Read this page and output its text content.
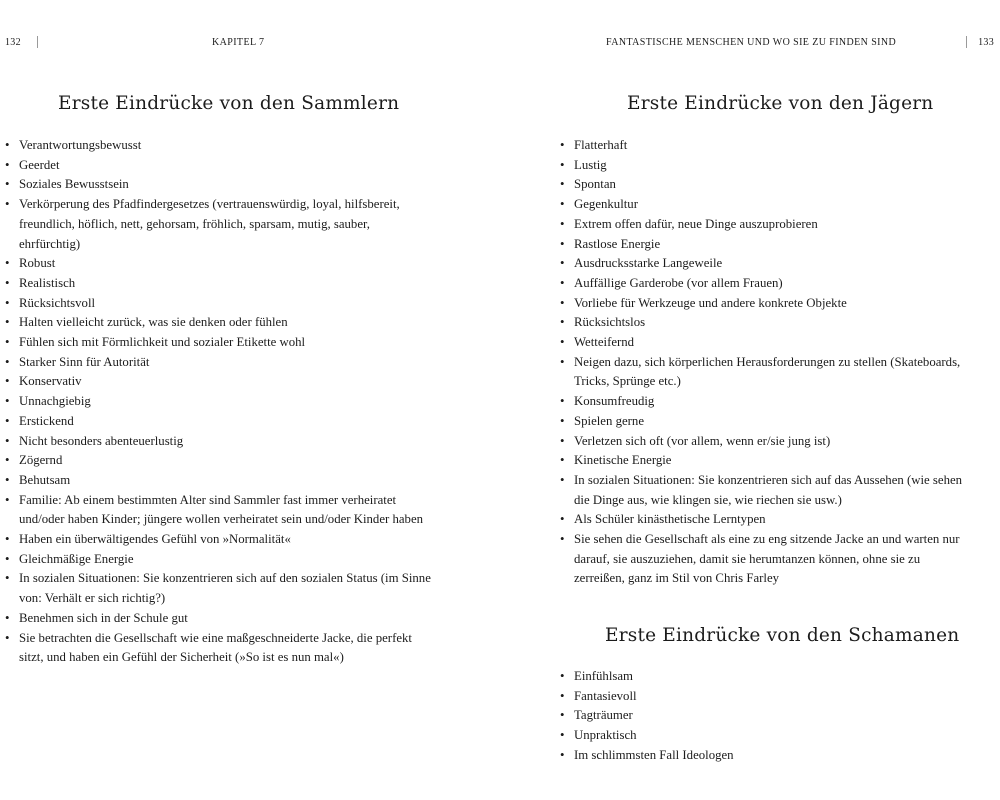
132	KAPITEL 7
Erste Eindrücke von den Sammlern
• Verantwortungsbewusst
• Geerdet
• Soziales Bewusstsein
• Verkörperung des Pfadfindergesetzes (vertrauenswürdig, loyal, hilfsbereit, freundlich, höflich, nett, gehorsam, fröhlich, sparsam, mutig, sauber, ehrfürchtig)
• Robust
• Realistisch
• Rücksichtsvoll
• Halten vielleicht zurück, was sie denken oder fühlen
• Fühlen sich mit Förmlichkeit und sozialer Etikette wohl
• Starker Sinn für Autorität
• Konservativ
• Unnachgiebig
• Erstickend
• Nicht besonders abenteuerlustig
• Zögernd
• Behutsam
• Familie: Ab einem bestimmten Alter sind Sammler fast immer verheiratet und/oder haben Kinder; jüngere wollen verheiratet sein und/oder Kinder haben
• Haben ein überwältigendes Gefühl von »Normalität«
• Gleichmäßige Energie
• In sozialen Situationen: Sie konzentrieren sich auf den sozialen Status (im Sinne von: Verhält er sich richtig?)
• Benehmen sich in der Schule gut
• Sie betrachten die Gesellschaft wie eine maßgeschneiderte Jacke, die perfekt sitzt, und haben ein Gefühl der Sicherheit (»So ist es nun mal«)
FANTASTISCHE MENSCHEN UND WO SIE ZU FINDEN SIND	133
Erste Eindrücke von den Jägern
• Flatterhaft
• Lustig
• Spontan
• Gegenkultur
• Extrem offen dafür, neue Dinge auszuprobieren
• Rastlose Energie
• Ausdrucksstarke Langeweile
• Auffällige Garderobe (vor allem Frauen)
• Vorliebe für Werkzeuge und andere konkrete Objekte
• Rücksichtslos
• Wetteifernd
• Neigen dazu, sich körperlichen Herausforderungen zu stellen (Skateboards, Tricks, Sprünge etc.)
• Konsumfreudig
• Spielen gerne
• Verletzen sich oft (vor allem, wenn er/sie jung ist)
• Kinetische Energie
• In sozialen Situationen: Sie konzentrieren sich auf das Aussehen (wie sehen die Dinge aus, wie klingen sie, wie riechen sie usw.)
• Als Schüler kinästhetische Lerntypen
• Sie sehen die Gesellschaft als eine zu eng sitzende Jacke an und warten nur darauf, sie auszuziehen, damit sie herumtanzen können, ohne sie zu zerreißen, ganz im Stil von Chris Farley
Erste Eindrücke von den Schamanen
• Einfühlsam
• Fantasievoll
• Tagträumer
• Unpraktisch
• Im schlimmsten Fall Ideologen
